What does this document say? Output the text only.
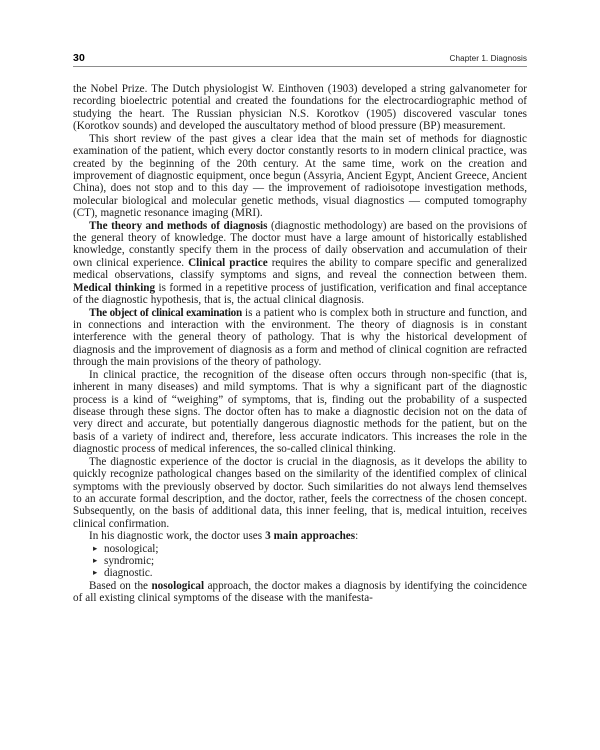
30	Chapter 1. Diagnosis

the Nobel Prize. The Dutch physiologist W. Einthoven (1903) developed a string galvanometer for recording bioelectric potential and created the foundations for the electrocardiographic method of studying the heart. The Russian physician N.S. Korotkov (1905) discovered vascular tones (Korotkov sounds) and developed the auscultatory method of blood pressure (BP) measurement.

This short review of the past gives a clear idea that the main set of methods for diagnostic examination of the patient, which every doctor constantly resorts to in modern clinical practice, was created by the beginning of the 20th century. At the same time, work on the creation and improvement of diagnostic equipment, once begun (Assyria, Ancient Egypt, Ancient Greece, Ancient China), does not stop and to this day — the improvement of radioisotope investigation methods, molecular biological and molecular genetic methods, visual diagnostics — computed tomography (CT), magnetic resonance imaging (MRI).

The theory and methods of diagnosis (diagnostic methodology) are based on the provisions of the general theory of knowledge. The doctor must have a large amount of historically established knowledge, constantly specify them in the process of daily observation and accumulation of their own clinical experience. Clinical practice requires the ability to compare specific and generalized medical observations, classify symptoms and signs, and reveal the connection between them. Medical thinking is formed in a repetitive process of justification, verification and final acceptance of the diagnostic hypothesis, that is, the actual clinical diagnosis.

The object of clinical examination is a patient who is complex both in structure and function, and in connections and interaction with the environment. The theory of diagnosis is in constant interference with the general theory of pathology. That is why the historical development of diagnosis and the improvement of diagnosis as a form and method of clinical cognition are refracted through the main provisions of the theory of pathology.

In clinical practice, the recognition of the disease often occurs through non-specific (that is, inherent in many diseases) and mild symptoms. That is why a significant part of the diagnostic process is a kind of “weighing” of symptoms, that is, finding out the probability of a suspected disease through these signs. The doctor often has to make a diagnostic decision not on the data of very direct and accurate, but potentially dangerous diagnostic methods for the patient, but on the basis of a variety of indirect and, therefore, less accurate indicators. This increases the role in the diagnostic process of medical inferences, the so-called clinical thinking.

The diagnostic experience of the doctor is crucial in the diagnosis, as it develops the ability to quickly recognize pathological changes based on the similarity of the identified complex of clinical symptoms with the previously observed by doctor. Such similarities do not always lend themselves to an accurate formal description, and the doctor, rather, feels the correctness of the chosen concept. Subsequently, on the basis of additional data, this inner feeling, that is, medical intuition, receives clinical confirmation.

In his diagnostic work, the doctor uses 3 main approaches:

▸ nosological;
▸ syndromic;
▸ diagnostic.

Based on the nosological approach, the doctor makes a diagnosis by identifying the coincidence of all existing clinical symptoms of the disease with the manifesta-
